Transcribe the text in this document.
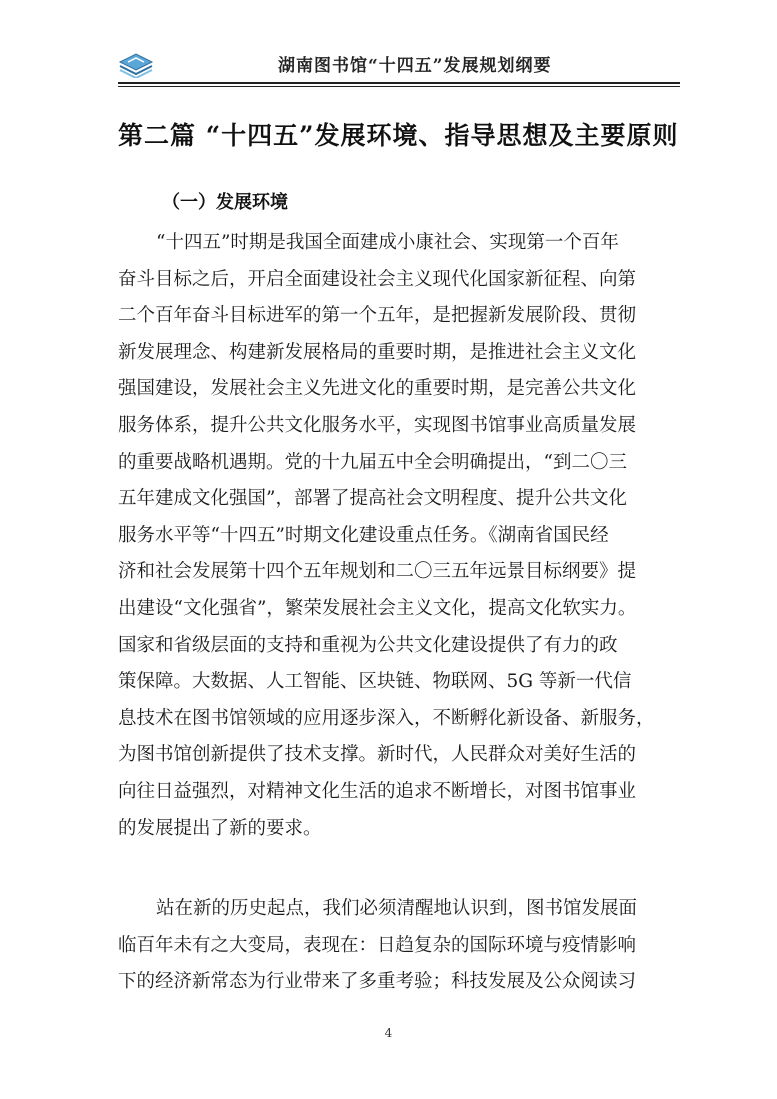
湖南图书馆“十四五”发展规划纲要
第二篇 “十四五”发展环境、指导思想及主要原则
（一）发展环境
“十四五”时期是我国全面建成小康社会、实现第一个百年
奋斗目标之后，开启全面建设社会主义现代化国家新征程、向第
二个百年奋斗目标进军的第一个五年，是把握新发展阶段、贯彻
新发展理念、构建新发展格局的重要时期，是推进社会主义文化
强国建设，发展社会主义先进文化的重要时期，是完善公共文化
服务体系，提升公共文化服务水平，实现图书馆事业高质量发展
的重要战略机遇期。党的十九届五中全会明确提出，“到二〇三
五年建成文化强国”，部署了提高社会文明程度、提升公共文化
服务水平等“十四五”时期文化建设重点任务。《湖南省国民经
济和社会发展第十四个五年规划和二〇三五年远景目标纲要》提
出建设“文化强省”，繁荣发展社会主义文化，提高文化软实力。
国家和省级层面的支持和重视为公共文化建设提供了有力的政
策保障。大数据、人工智能、区块链、物联网、5G 等新一代信
息技术在图书馆领域的应用逐步深入，不断孵化新设备、新服务，
为图书馆创新提供了技术支撑。新时代，人民群众对美好生活的
向往日益强烈，对精神文化生活的追求不断增长，对图书馆事业
的发展提出了新的要求。
站在新的历史起点，我们必须清醒地认识到，图书馆发展面
临百年未有之大变局，表现在：日趋复杂的国际环境与疫情影响
下的经济新常态为行业带来了多重考验；科技发展及公众阅读习
4
